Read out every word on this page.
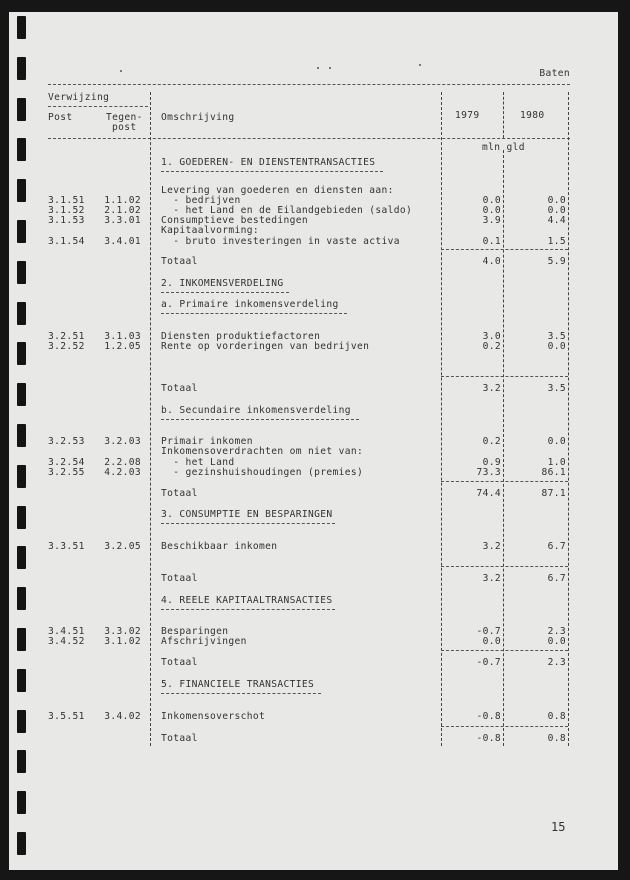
Baten
Verwijzing
Post	Tegen-
post
Omschrijving	1979	1980
mln gld
1. GOEDEREN- EN DIENSTENTRANSACTIES
Levering van goederen en diensten aan:
3.1.51	1.1.02 - bedrijven	0.0	0.0
3.1.52	2.1.02 - het Land en de Eilandgebieden (saldo)	0.0	0.0
3.1.53	3.3.01 Consumptieve bestedingen	3.9	4.4
Kapitaalvorming:
3.1.54	3.4.01 - bruto investeringen in vaste activa	0.1	1.5
Totaal	4.0	5.9
2. INKOMENSVERDELING
a. Primaire inkomensverdeling
3.2.51	3.1.03 Diensten produktiefactoren	3.0	3.5
3.2.52	1.2.05 Rente op vorderingen van bedrijven	0.2	0.0
Totaal	3.2	3.5
b. Secundaire inkomensverdeling
3.2.53	3.2.03 Primair inkomen	0.2	0.0
Inkomensoverdrachten om niet van:
3.2.54	2.2.08 - het Land	0.9	1.0
3.2.55	4.2.03 - gezinshuishoudingen (premies)	73.3	86.1
Totaal	74.4	87.1
3. CONSUMPTIE EN BESPARINGEN
3.3.51	3.2.05 Beschikbaar inkomen	3.2	6.7
Totaal	3.2	6.7
4. REELE KAPITAALTRANSACTIES
3.4.51	3.3.02 Besparingen	-0.7	2.3
3.4.52	3.1.02 Afschrijvingen	0.0	0.0
Totaal	-0.7	2.3
5. FINANCIELE TRANSACTIES
3.5.51	3.4.02 Inkomensoverschot	-0.8	0.8
Totaal	-0.8	0.8
15
